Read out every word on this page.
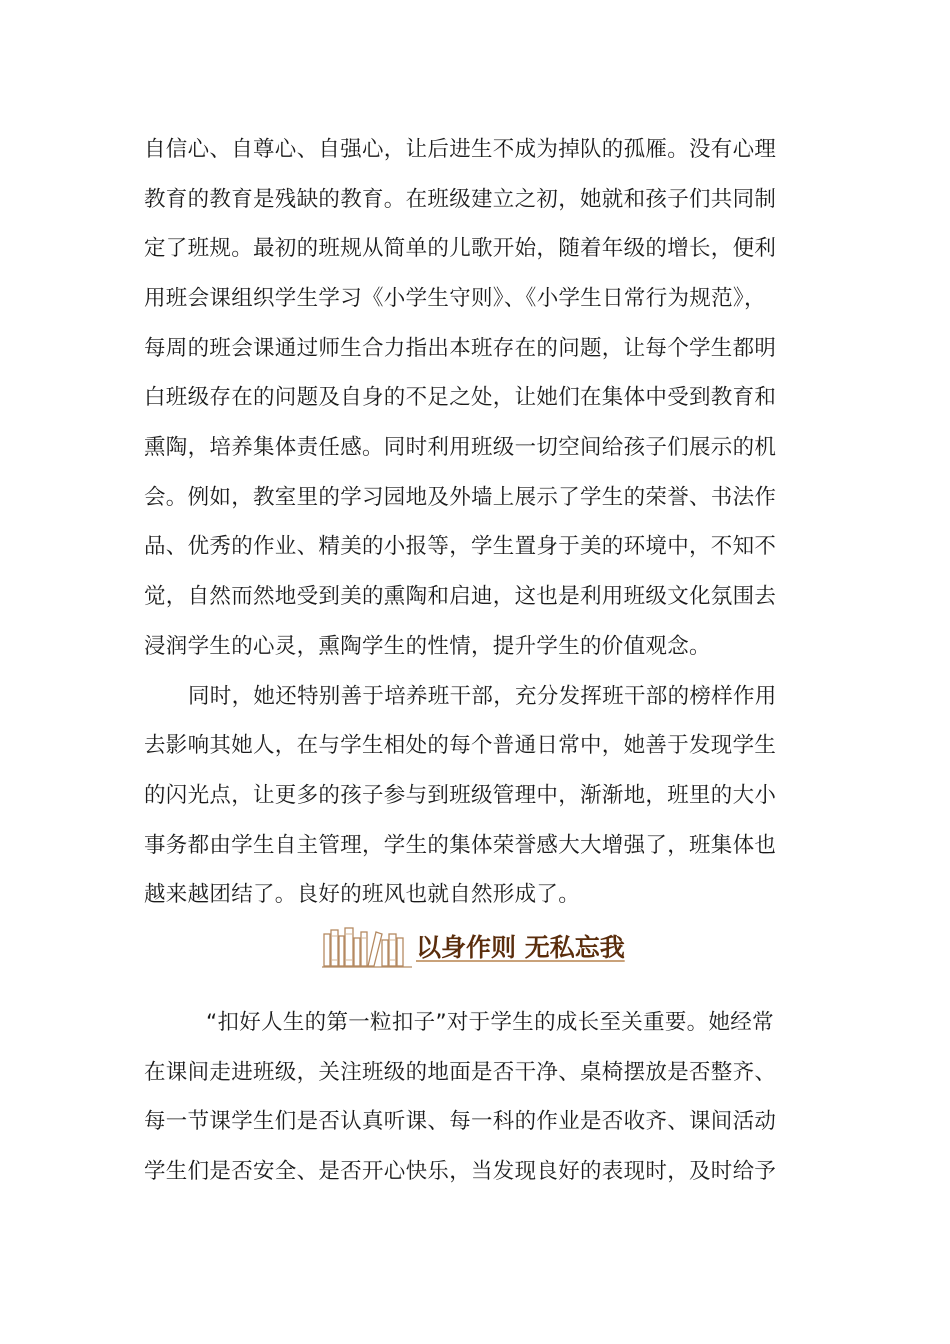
自信心、自尊心、自强心，让后进生不成为掉队的孤雁。没有心理
教育的教育是残缺的教育。在班级建立之初，她就和孩子们共同制
定了班规。最初的班规从简单的儿歌开始，随着年级的增长，便利
用班会课组织学生学习《小学生守则》、《小学生日常行为规范》，
每周的班会课通过师生合力指出本班存在的问题，让每个学生都明
白班级存在的问题及自身的不足之处，让她们在集体中受到教育和
熏陶，培养集体责任感。同时利用班级一切空间给孩子们展示的机
会。例如，教室里的学习园地及外墙上展示了学生的荣誉、书法作
品、优秀的作业、精美的小报等，学生置身于美的环境中，不知不
觉，自然而然地受到美的熏陶和启迪，这也是利用班级文化氛围去
浸润学生的心灵，熏陶学生的性情，提升学生的价值观念。
同时，她还特别善于培养班干部，充分发挥班干部的榜样作用
去影响其她人，在与学生相处的每个普通日常中，她善于发现学生
的闪光点，让更多的孩子参与到班级管理中，渐渐地，班里的大小
事务都由学生自主管理，学生的集体荣誉感大大增强了，班集体也
越来越团结了。良好的班风也就自然形成了。
以身作则 无私忘我
“扣好人生的第一粒扣子”对于学生的成长至关重要。她经常
在课间走进班级，关注班级的地面是否干净、桌椅摆放是否整齐、
每一节课学生们是否认真听课、每一科的作业是否收齐、课间活动
学生们是否安全、是否开心快乐，当发现良好的表现时，及时给予
